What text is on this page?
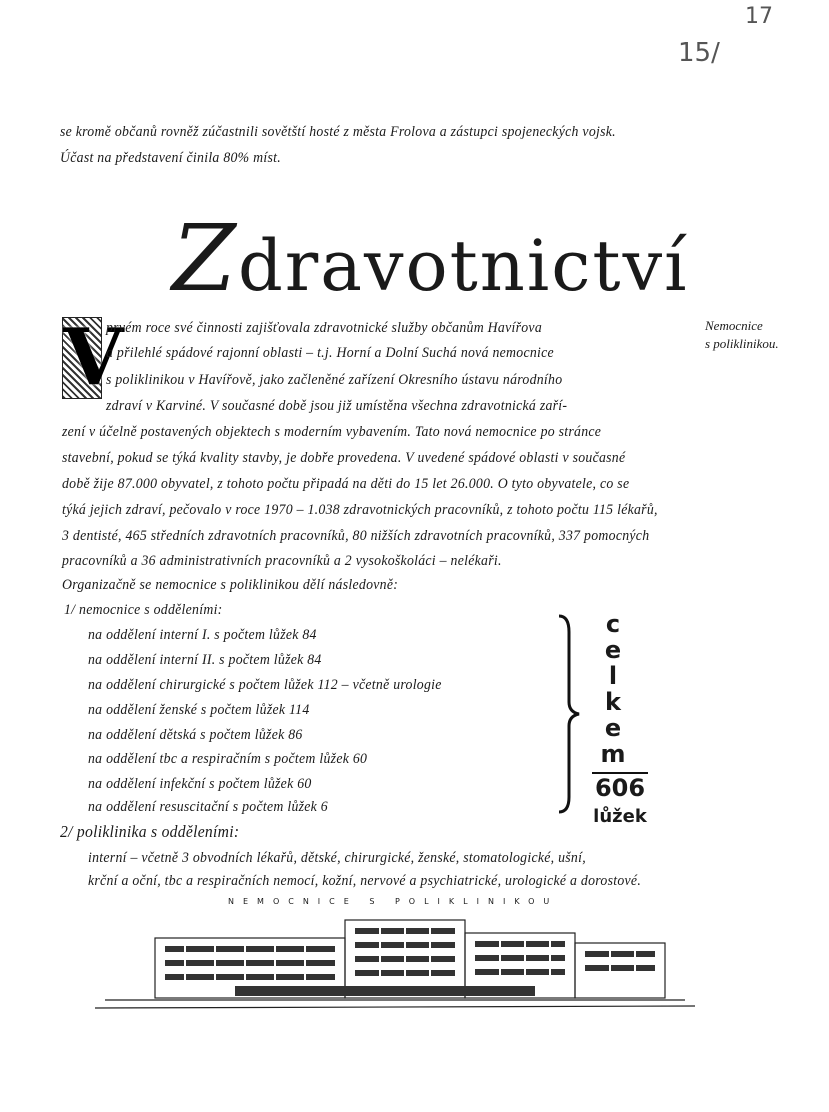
17
15/
se kromě občanů rovněž zúčastnili sovětští hosté z města Frolova a zástupci spojeneckých vojsk.
Účast na představení činila 80% míst.
Zdravotnictví
V	Nemocnice
s poliklinikou.
prvém roce své činnosti zajišťovala zdravotnické služby občanům Havířova
a přilehlé spádové rajonní oblasti – t.j. Horní a Dolní Suchá nová nemocnice
s poliklinikou v Havířově, jako začleněné zařízení Okresního ústavu národního
zdraví v Karviné. V současné době jsou již umístěna všechna zdravotnická zaří-
zení v účelně postavených objektech s moderním vybavením. Tato nová nemocnice po stránce
stavební, pokud se týká kvality stavby, je dobře provedena. V uvedené spádové oblasti v současné
době žije 87.000 obyvatel, z tohoto počtu připadá na děti do 15 let 26.000. O tyto obyvatele, co se
týká jejich zdraví, pečovalo v roce 1970 – 1.038 zdravotnických pracovníků, z tohoto počtu 115 lékařů,
3 dentisté, 465 středních zdravotních pracovníků, 80 nižších zdravotních pracovníků, 337 pomocných
pracovníků a 36 administrativních pracovníků a 2 vysokoškoláci – nelékaři.
Organizačně se nemocnice s poliklinikou dělí následovně:
1/ nemocnice s odděleními:
na oddělení interní I. s počtem lůžek 84
na oddělení interní II. s počtem lůžek 84
na oddělení chirurgické s počtem lůžek 112 – včetně urologie
na oddělení ženské s počtem lůžek 114
na oddělení dětská s počtem lůžek 86
na oddělení tbc a respiračním s počtem lůžek 60
na oddělení infekční s počtem lůžek 60
na oddělení resuscitační s počtem lůžek 6
c
e
l
k
e
m
606
lůžek
2/ poliklinika s odděleními:
interní – včetně 3 obvodních lékařů, dětské, chirurgické, ženské, stomatologické, ušní,
krční a oční, tbc a respiračních nemocí, kožní, nervové a psychiatrické, urologické a dorostové.
NEMOCNICE S POLIKLINIKOU
